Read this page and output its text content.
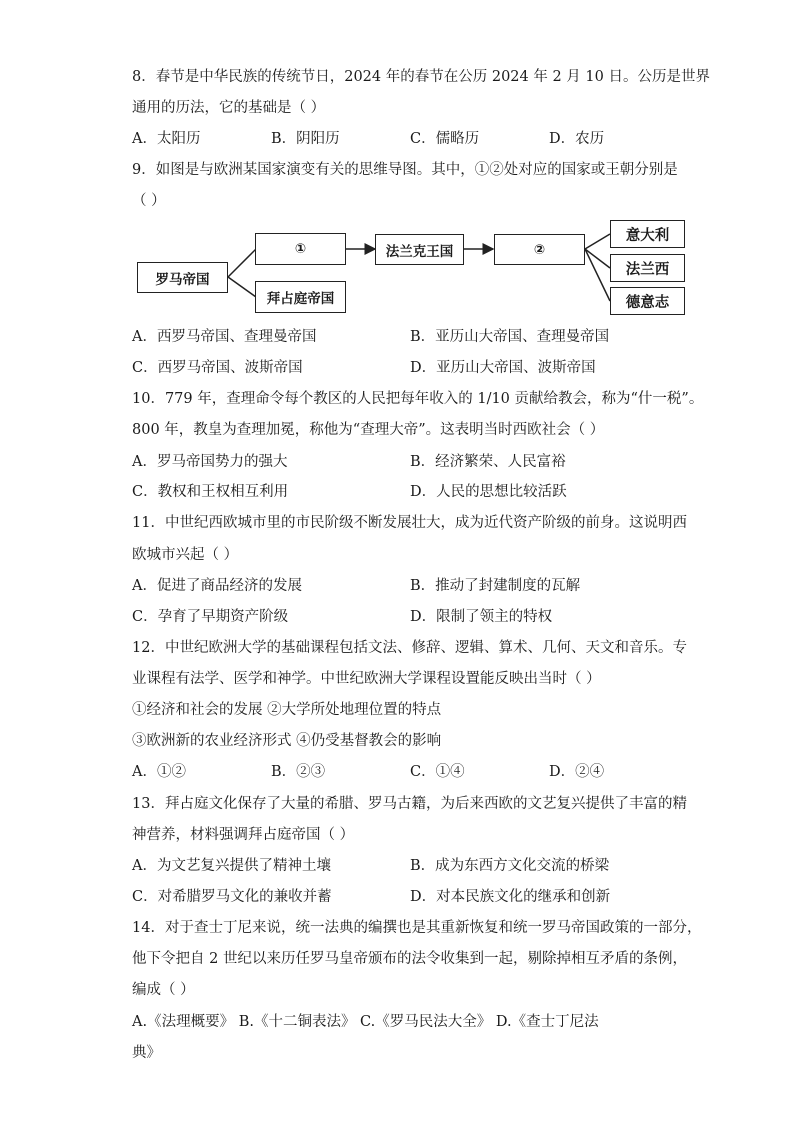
8．春节是中华民族的传统节日，2024 年的春节在公历 2024 年 2 月 10 日。公历是世界
通用的历法，它的基础是（ ）
A．太阳历	B．阴阳历	C．儒略历	D．农历
9．如图是与欧洲某国家演变有关的思维导图。其中，①②处对应的国家或王朝分别是
（ ）
罗马帝国
①
拜占庭帝国
法兰克王国	②
意大利
法兰西
德意志
A．西罗马帝国、查理曼帝国	B．亚历山大帝国、查理曼帝国
C．西罗马帝国、波斯帝国	D．亚历山大帝国、波斯帝国
10．779 年，查理命令每个教区的人民把每年收入的 1/10 贡献给教会，称为“什一税”。
800 年，教皇为查理加冕，称他为“查理大帝”。这表明当时西欧社会（ ）
A．罗马帝国势力的强大	B．经济繁荣、人民富裕
C．教权和王权相互利用	D．人民的思想比较活跃
11．中世纪西欧城市里的市民阶级不断发展壮大，成为近代资产阶级的前身。这说明西
欧城市兴起（ ）
A．促进了商品经济的发展	B．推动了封建制度的瓦解
C．孕育了早期资产阶级	D．限制了领主的特权
12．中世纪欧洲大学的基础课程包括文法、修辞、逻辑、算术、几何、天文和音乐。专
业课程有法学、医学和神学。中世纪欧洲大学课程设置能反映出当时（ ）
①经济和社会的发展 ②大学所处地理位置的特点
③欧洲新的农业经济形式 ④仍受基督教会的影响
A．①②	B．②③	C．①④	D．②④
13．拜占庭文化保存了大量的希腊、罗马古籍，为后来西欧的文艺复兴提供了丰富的精
神营养，材料强调拜占庭帝国（ ）
A．为文艺复兴提供了精神土壤	B．成为东西方文化交流的桥梁
C．对希腊罗马文化的兼收并蓄	D．对本民族文化的继承和创新
14．对于查士丁尼来说，统一法典的编撰也是其重新恢复和统一罗马帝国政策的一部分，
他下令把自 2 世纪以来历任罗马皇帝颁布的法令收集到一起，剔除掉相互矛盾的条例，
编成（ ）
A.《法理概要》 B.《十二铜表法》 C.《罗马民法大全》 D.《查士丁尼法
典》
